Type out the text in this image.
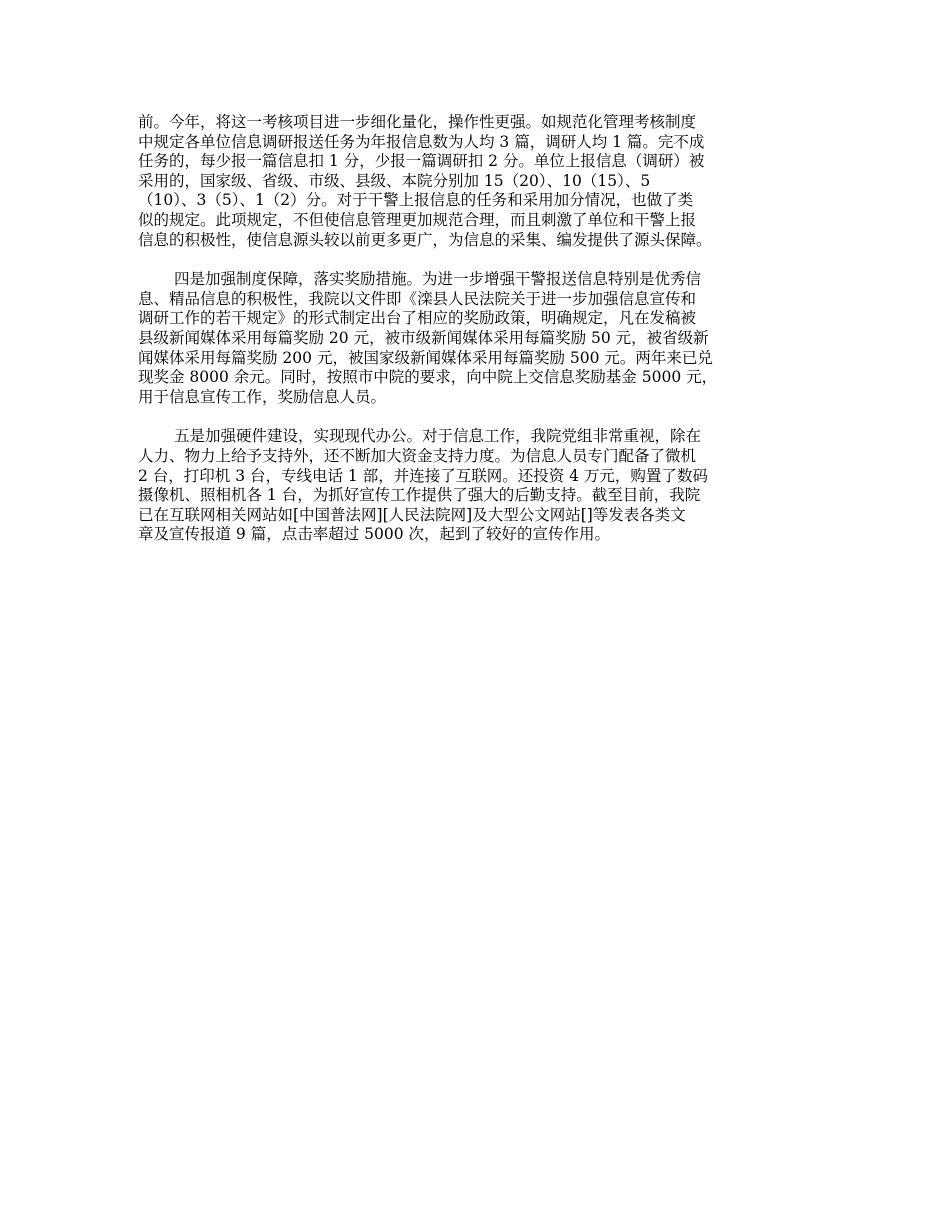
前。今年，将这一考核项目进一步细化量化，操作性更强。如规范化管理考核制度
中规定各单位信息调研报送任务为年报信息数为人均 3 篇，调研人均 1 篇。完不成
任务的，每少报一篇信息扣 1 分，少报一篇调研扣 2 分。单位上报信息（调研）被
采用的，国家级、省级、市级、县级、本院分别加 15（20）、10（15）、5
（10）、3（5）、1（2）分。对于干警上报信息的任务和采用加分情况，也做了类
似的规定。此项规定，不但使信息管理更加规范合理，而且刺激了单位和干警上报
信息的积极性，使信息源头较以前更多更广，为信息的采集、编发提供了源头保障。
四是加强制度保障，落实奖励措施。为进一步增强干警报送信息特别是优秀信
息、精品信息的积极性，我院以文件即《滦县人民法院关于进一步加强信息宣传和
调研工作的若干规定》的形式制定出台了相应的奖励政策，明确规定，凡在发稿被
县级新闻媒体采用每篇奖励 20 元，被市级新闻媒体采用每篇奖励 50 元，被省级新
闻媒体采用每篇奖励 200 元，被国家级新闻媒体采用每篇奖励 500 元。两年来已兑
现奖金 8000 余元。同时，按照市中院的要求，向中院上交信息奖励基金 5000 元，
用于信息宣传工作，奖励信息人员。
五是加强硬件建设，实现现代办公。对于信息工作，我院党组非常重视，除在
人力、物力上给予支持外，还不断加大资金支持力度。为信息人员专门配备了微机
2 台，打印机 3 台，专线电话 1 部，并连接了互联网。还投资 4 万元，购置了数码
摄像机、照相机各 1 台，为抓好宣传工作提供了强大的后勤支持。截至目前，我院
已在互联网相关网站如[中国普法网][人民法院网]及大型公文网站[]等发表各类文
章及宣传报道 9 篇，点击率超过 5000 次，起到了较好的宣传作用。
